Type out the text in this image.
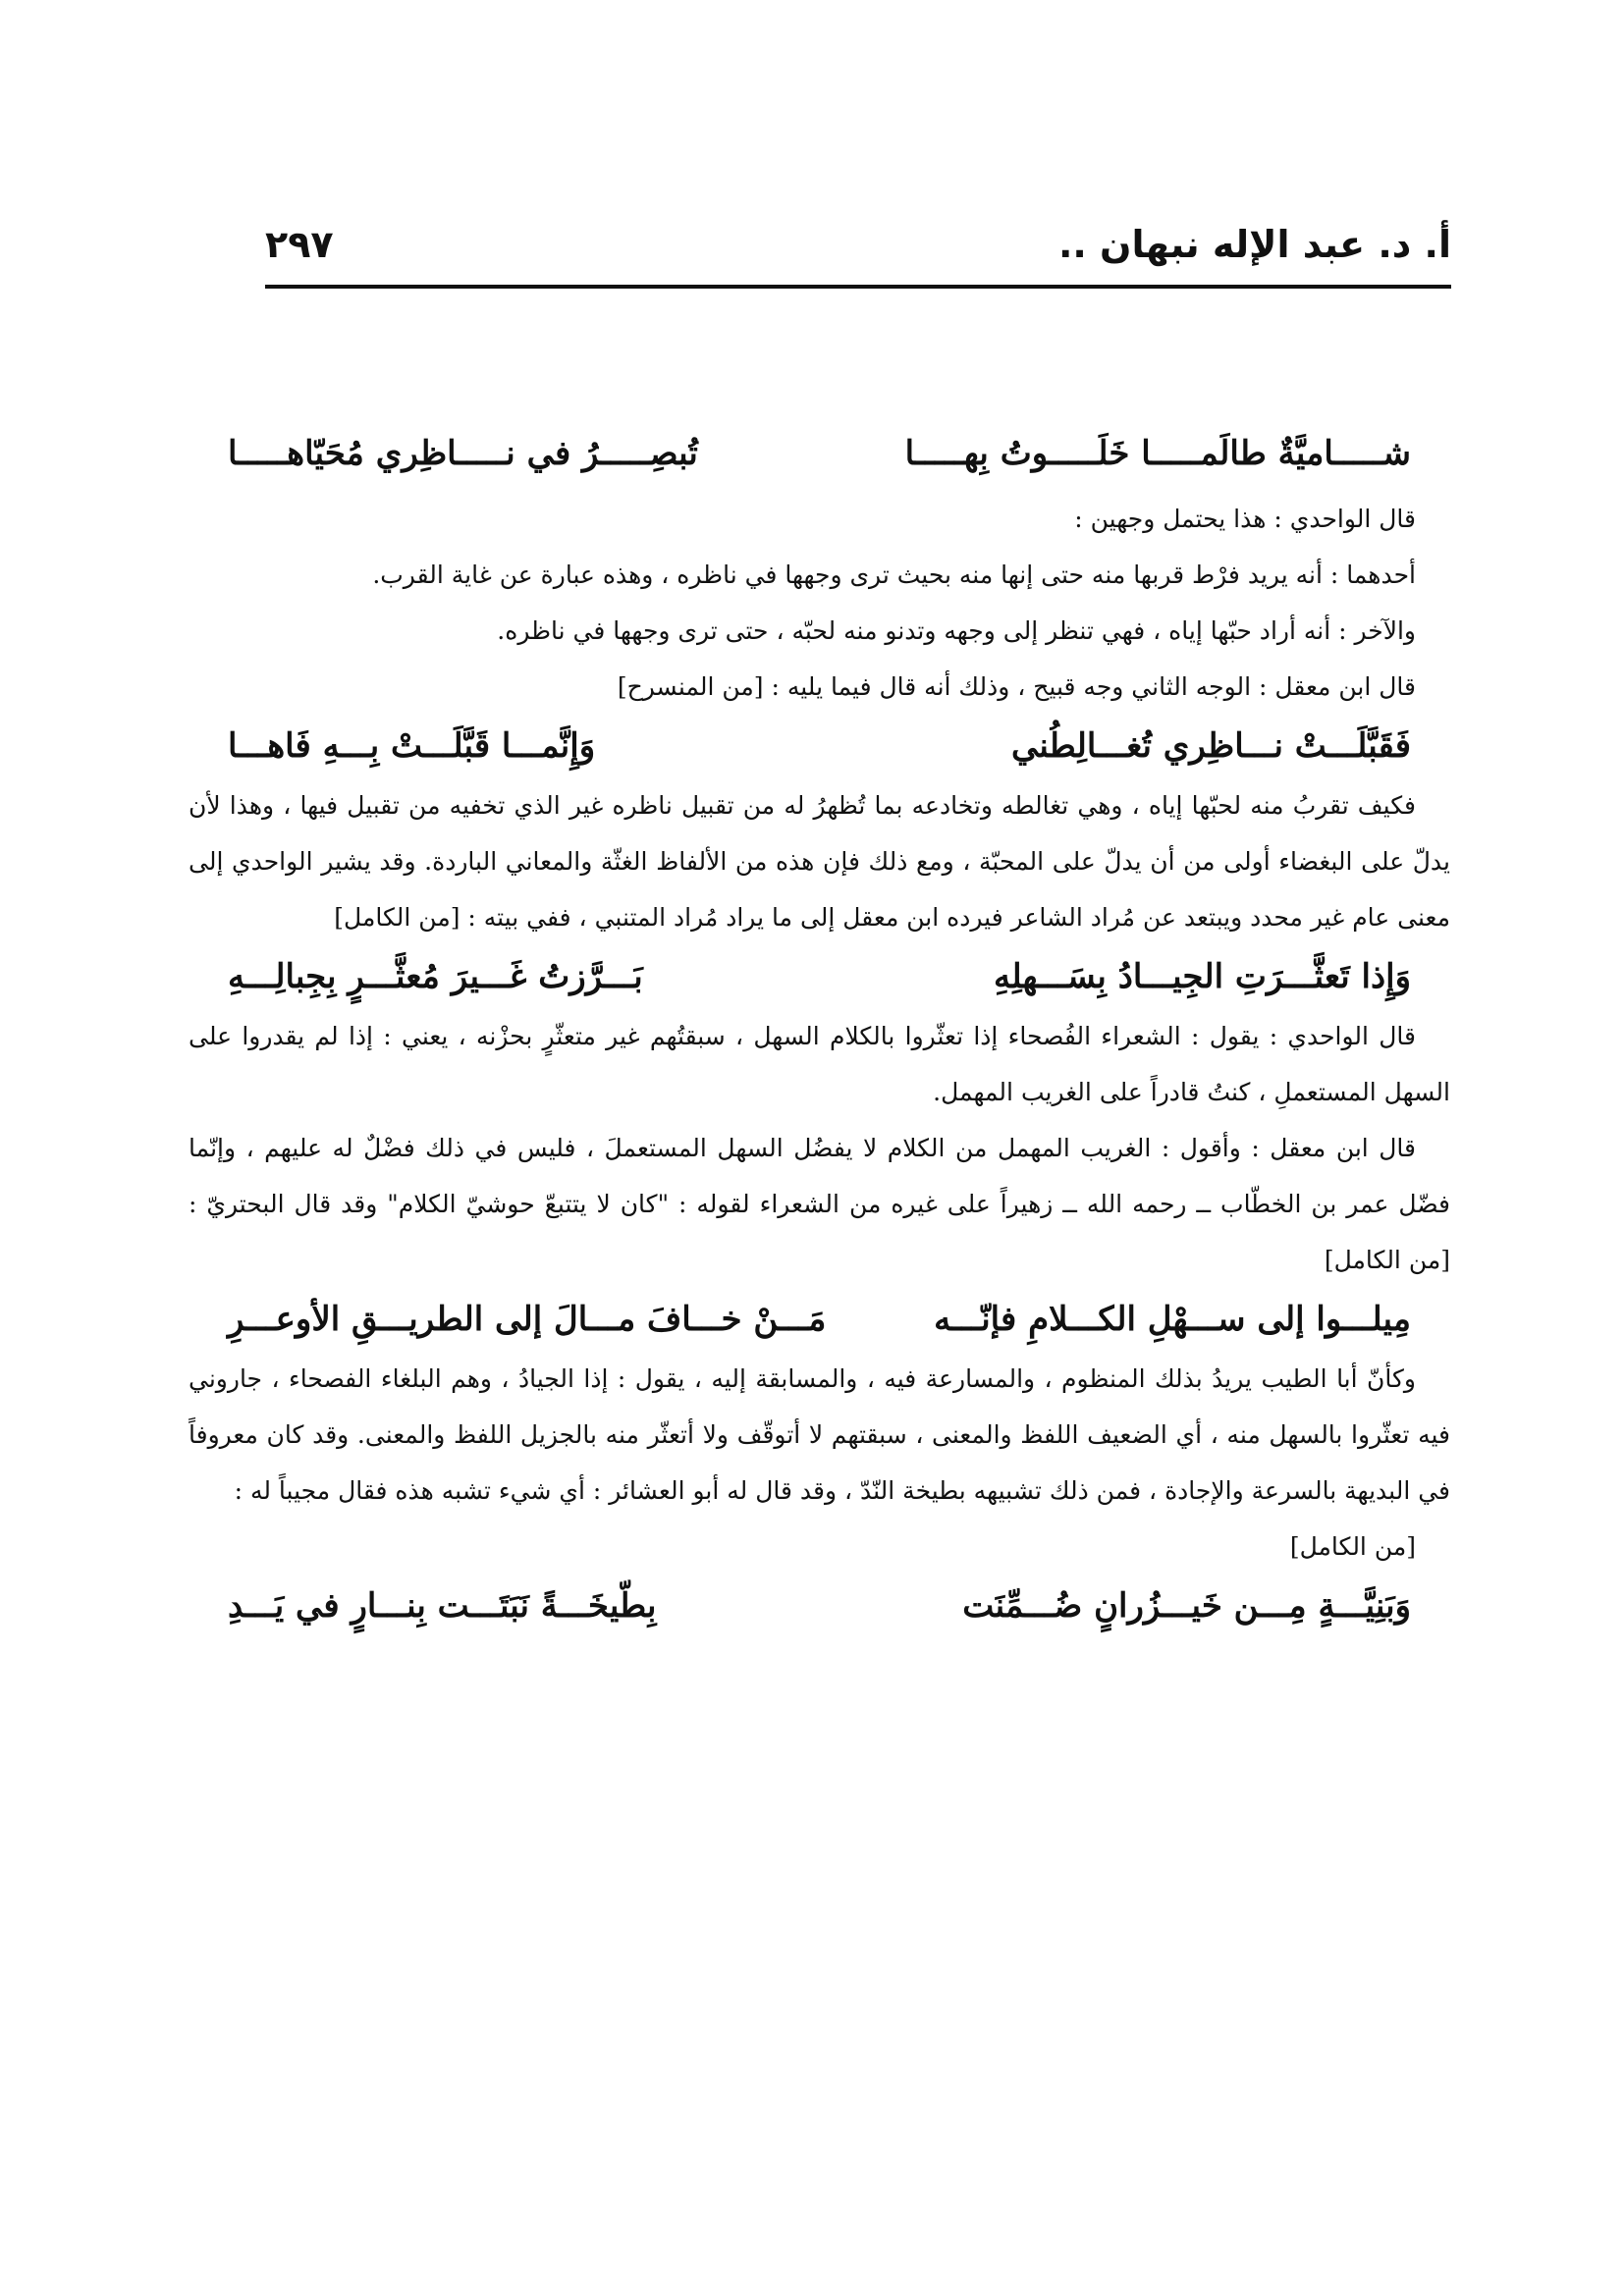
أ. د. عبد الإله نبهان ..
٢٩٧
شـــــاميَّةٌ طالَمـــــا خَلَـــــوتُ بِهـــــا
تُبصِـــــرُ في نـــــاظِري مُحَيّاهـــــا

قال الواحدي : هذا يحتمل وجهين :

أحدهما : أنه يريد فرْط قربها منه حتى إنها منه بحيث ترى وجهها في ناظره ، وهذه عبارة عن غاية القرب.

والآخر : أنه أراد حبّها إياه ، فهي تنظر إلى وجهه وتدنو منه لحبّه ، حتى ترى وجهها في ناظره.

قال ابن معقل : الوجه الثاني وجه قبيح ، وذلك أنه قال فيما يليه : [من المنسرح]

فَقَبَّلَـــتْ نـــاظِري تُغـــالِطُني
وَإِنَّمـــا قَبَّلَـــتْ بِـــهِ فَاهـــا

فكيف تقربُ منه لحبّها إياه ، وهي تغالطه وتخادعه بما تُظهرُ له من تقبيل ناظره غير الذي تخفيه من تقبيل فيها ، وهذا لأن يدلّ على البغضاء أولى من أن يدلّ على المحبّة ، ومع ذلك فإن هذه من الألفاظ الغثّة والمعاني الباردة. وقد يشير الواحدي إلى معنى عام غير محدد ويبتعد عن مُراد الشاعر فيرده ابن معقل إلى ما يراد مُراد المتنبي ، ففي بيته : [من الكامل]

وَإِذا تَعثَّـــرَتِ الجِيـــادُ بِسَـــهلِهِ
بَـــرَّزتُ غَـــيرَ مُعثَّـــرٍ بِجِبالِـــهِ

قال الواحدي : يقول : الشعراء الفُصحاء إذا تعثّروا بالكلام السهل ، سبقتُهم غير متعثّرٍ بحزْنه ، يعني : إذا لم يقدروا على السهل المستعملِ ، كنتُ قادراً على الغريب المهمل.

قال ابن معقل : وأقول : الغريب المهمل من الكلام لا يفضُل السهل المستعملَ ، فليس في ذلك فضْلٌ له عليهم ، وإنّما فضّل عمر بن الخطّاب ــ رحمه الله ــ زهيراً على غيره من الشعراء لقوله : "كان لا يتتبعّ حوشيّ الكلام" وقد قال البحتريّ : [من الكامل]

مِيلـــوا إلى ســـهْلِ الكـــلامِ فإنّـــه
مَـــنْ خـــافَ مـــالَ إلى الطريـــقِ الأوعـــرِ

وكأنّ أبا الطيب يريدُ بذلك المنظوم ، والمسارعة فيه ، والمسابقة إليه ، يقول : إذا الجيادُ ، وهم البلغاء الفصحاء ، جاروني فيه تعثّروا بالسهل منه ، أي الضعيف اللفظ والمعنى ، سبقتهم لا أتوقّف ولا أتعثّر منه بالجزيل اللفظ والمعنى. وقد كان معروفاً في البديهة بالسرعة والإجادة ، فمن ذلك تشبيهه بطيخة النّدّ ، وقد قال له أبو العشائر : أي شيء تشبه هذه فقال مجيباً له :

[من الكامل]

وَبَنِيَّـــةٍ مِـــن خَيـــزُرانٍ ضُـــمِّنَت
بِطّيخَـــةً نَبَتَـــت بِنـــارٍ في يَـــدِ
